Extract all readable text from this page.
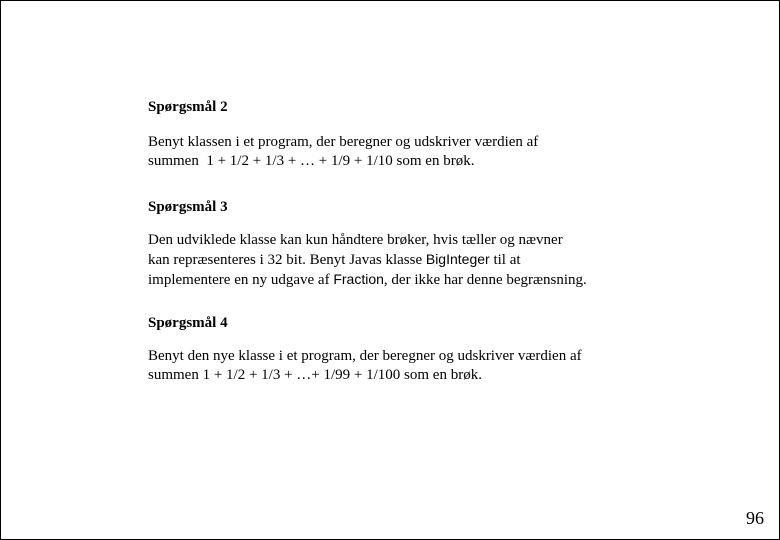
Spørgsmål 2

Benyt klassen i et program, der beregner og udskriver værdien af
summen  1 + 1/2 + 1/3 + … + 1/9 + 1/10 som en brøk.

Spørgsmål 3

Den udviklede klasse kan kun håndtere brøker, hvis tæller og nævner
kan repræsenteres i 32 bit. Benyt Javas klasse BigInteger til at
implementere en ny udgave af Fraction, der ikke har denne begrænsning.

Spørgsmål 4

Benyt den nye klasse i et program, der beregner og udskriver værdien af
summen 1 + 1/2 + 1/3 + …+ 1/99 + 1/100 som en brøk.

96
